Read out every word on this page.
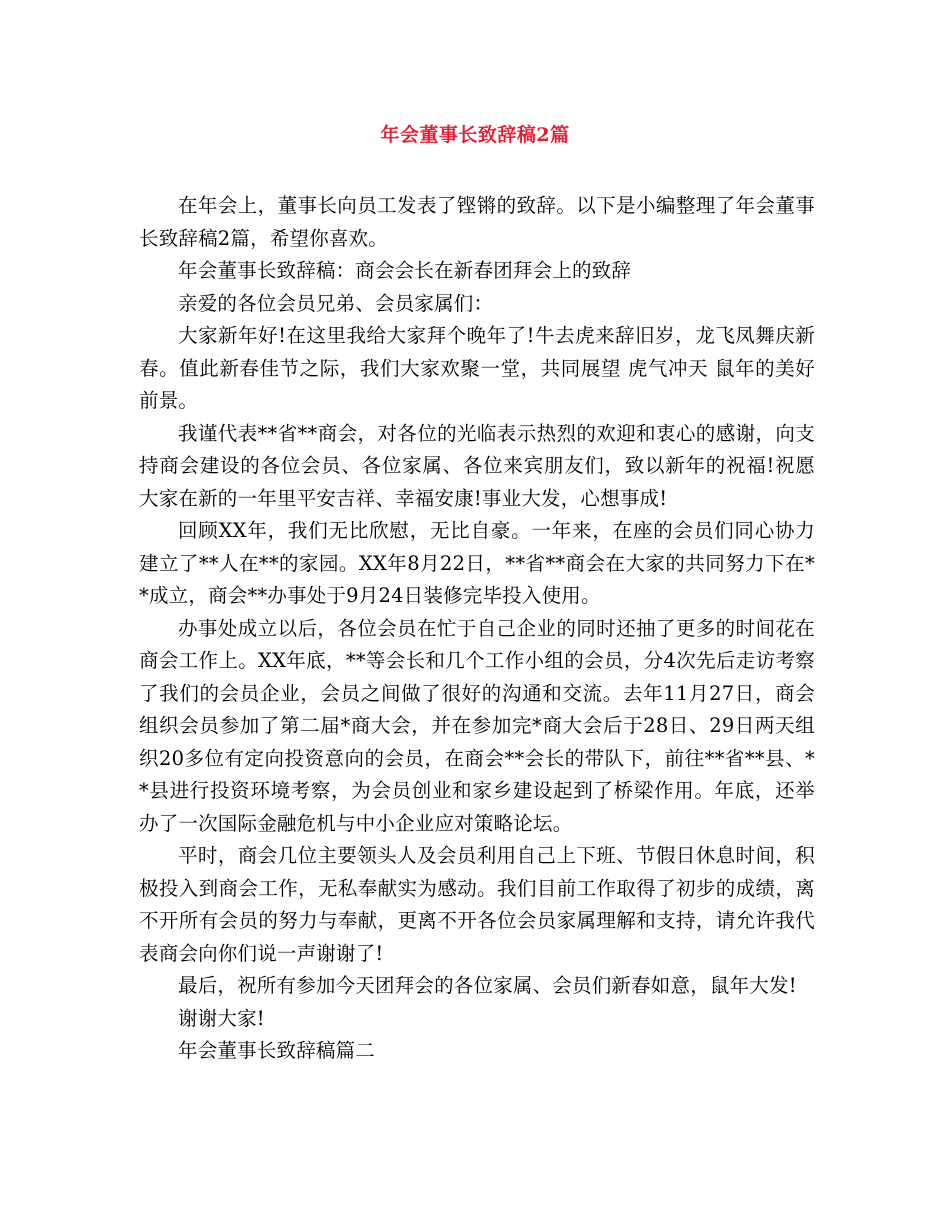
年会董事长致辞稿2篇

在年会上，董事长向员工发表了铿锵的致辞。以下是小编整理了年会董事长致辞稿2篇，希望你喜欢。

年会董事长致辞稿：商会会长在新春团拜会上的致辞

亲爱的各位会员兄弟、会员家属们：

大家新年好!在这里我给大家拜个晚年了!牛去虎来辞旧岁，龙飞凤舞庆新春。值此新春佳节之际，我们大家欢聚一堂，共同展望 虎气冲天 鼠年的美好前景。

我谨代表**省**商会，对各位的光临表示热烈的欢迎和衷心的感谢，向支持商会建设的各位会员、各位家属、各位来宾朋友们，致以新年的祝福!祝愿大家在新的一年里平安吉祥、幸福安康!事业大发，心想事成!

回顾XX年，我们无比欣慰，无比自豪。一年来，在座的会员们同心协力建立了**人在**的家园。XX年8月22日，**省**商会在大家的共同努力下在**成立，商会**办事处于9月24日装修完毕投入使用。

办事处成立以后，各位会员在忙于自己企业的同时还抽了更多的时间花在商会工作上。XX年底，**等会长和几个工作小组的会员，分4次先后走访考察了我们的会员企业，会员之间做了很好的沟通和交流。去年11月27日，商会组织会员参加了第二届*商大会，并在参加完*商大会后于28日、29日两天组织20多位有定向投资意向的会员，在商会**会长的带队下，前往**省**县、**县进行投资环境考察，为会员创业和家乡建设起到了桥梁作用。年底，还举办了一次国际金融危机与中小企业应对策略论坛。

平时，商会几位主要领头人及会员利用自己上下班、节假日休息时间，积极投入到商会工作，无私奉献实为感动。我们目前工作取得了初步的成绩，离不开所有会员的努力与奉献，更离不开各位会员家属理解和支持，请允许我代表商会向你们说一声谢谢了!

最后，祝所有参加今天团拜会的各位家属、会员们新春如意，鼠年大发!

谢谢大家!

年会董事长致辞稿篇二
